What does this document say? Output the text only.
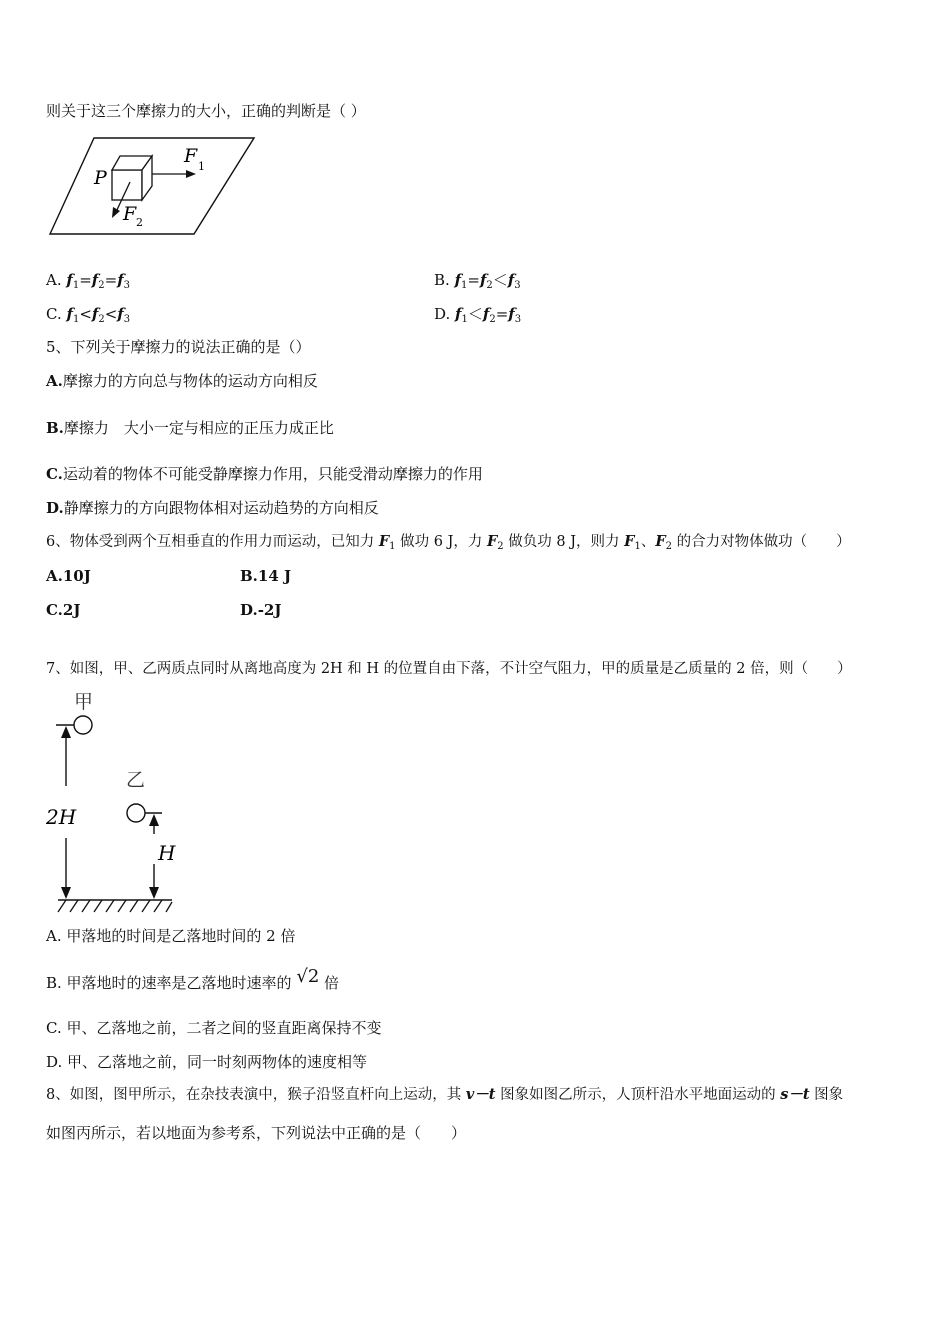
则关于这三个摩擦力的大小，正确的判断是（ ）
P
F 1
F 2
A. $f_1=f_2=f_3$	B. $f_1=f_2<f_3$
C. $f_1<f_2<f_3$	D. $f_1<f_2=f_3$
5、下列关于摩擦力的说法正确的是（）
A.摩擦力的方向总与物体的运动方向相反
B.摩擦力　大小一定与相应的正压力成正比
C.运动着的物体不可能受静摩擦力作用，只能受滑动摩擦力的作用
D.静摩擦力的方向跟物体相对运动趋势的方向相反
6、物体受到两个互相垂直的作用力而运动，已知力 $F_1$ 做功 6 J，力 $F_2$ 做负功 8 J，则力 $F_1$、$F_2$ 的合力对物体做功（　　）
A.10J	B.14 J
C.2J	D.-2J
7、如图，甲、乙两质点同时从离地高度为 2H 和 H 的位置自由下落，不计空气阻力，甲的质量是乙质量的 2 倍，则（　　）
甲
2H
乙
H
A. 甲落地的时间是乙落地时间的 2 倍
B. 甲落地时的速率是乙落地时速率的 √2 倍
C. 甲、乙落地之前，二者之间的竖直距离保持不变
D. 甲、乙落地之前，同一时刻两物体的速度相等
8、如图，图甲所示，在杂技表演中，猴子沿竖直杆向上运动，其 v－t 图象如图乙所示，人顶杆沿水平地面运动的 s－t 图象
如图丙所示，若以地面为参考系，下列说法中正确的是（　　）
